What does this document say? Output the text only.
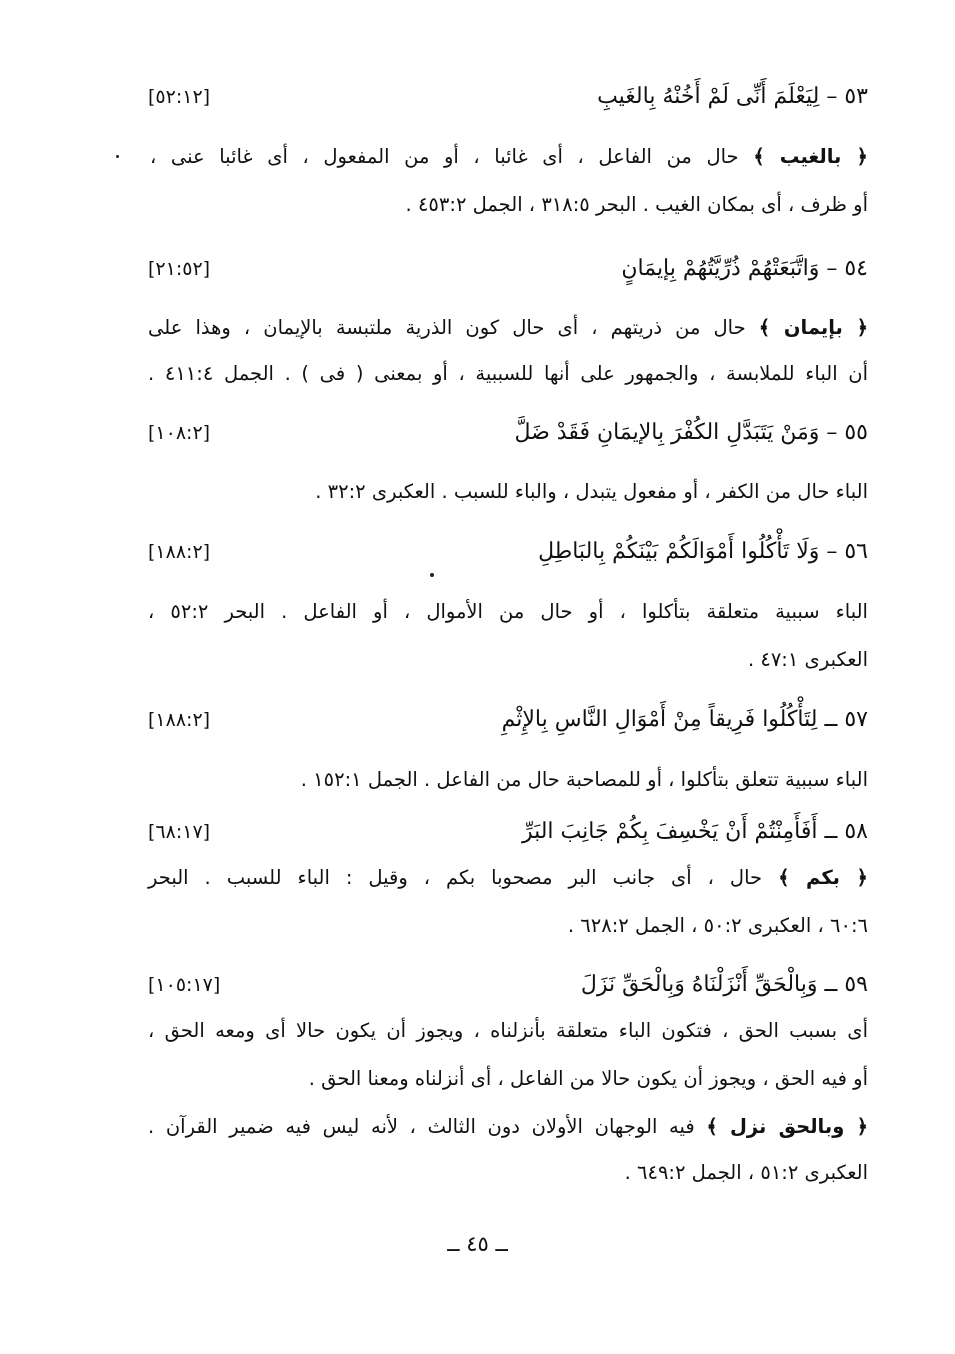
٥٣ – لِيَعْلَمَ أَنِّى لَمْ أَخُنْهُ بِالغَيبِ
[٥٢:١٢]
﴿ بالغيب ﴾ حال من الفاعل ، أى غائبا ، أو من المفعول ، أى غائبا عنى ،
أو ظرف ، أى بمكان الغيب . البحر ٣١٨:٥ ، الجمل ٤٥٣:٢ .
٥٤ – وَاتَّبَعَتْهُمْ ذُرِّيَّتُهُمْ بِإيمَانٍ
[٢١:٥٢]
﴿ بإيمان ﴾ حال من ذريتهم ، أى حال كون الذرية ملتبسة بالإيمان ، وهذا على
أن الباء للملابسة ، والجمهور على أنها للسببية ، أو بمعنى ( فى ) . الجمل ٤١١:٤ .
٥٥ – وَمَنْ يَتَبَدَّلِ الكُفْرَ بِالإيمَانِ فَقَدْ ضَلَّ
[١٠٨:٢]
الباء حال من الكفر ، أو مفعول يتبدل ، والباء للسبب . العكبرى ٣٢:٢ .
٥٦ – وَلَا تَأْكُلُوا أَمْوَالَكُمْ بَيْنَكُمْ بِالبَاطِلِ
[١٨٨:٢]
الباء سببية متعلقة بتأكلوا ، أو حال من الأموال ، أو الفاعل . البحر ٥٢:٢ ،
العكبرى ٤٧:١ .
٥٧ ــ لِتَأْكُلُوا فَرِيقاً مِنْ أَمْوَالِ النَّاسِ بِالإِثْمِ
[١٨٨:٢]
الباء سببية تتعلق بتأكلوا ، أو للمصاحبة حال من الفاعل . الجمل ١٥٢:١ .
٥٨ ــ أَفَأَمِنْتُمْ أَنْ يَخْسِفَ بِكُمْ جَانِبَ البَرِّ
[٦٨:١٧]
﴿ بكم ﴾ حال ، أى جانب البر مصحوبا بكم ، وقيل : الباء للسبب . البحر
٦٠:٦ ، العكبرى ٥٠:٢ ، الجمل ٦٢٨:٢ .
٥٩ ــ وَبِالْحَقِّ أَنْزَلْنَاهُ وَبِالْحَقِّ نَزَلَ
[١٠٥:١٧]
أى بسبب الحق ، فتكون الباء متعلقة بأنزلناه ، ويجوز أن يكون حالا أى ومعه الحق ،
أو فيه الحق ، ويجوز أن يكون حالا من الفاعل ، أى أنزلناه ومعنا الحق .
﴿ وبالحق نزل ﴾ فيه الوجهان الأولان دون الثالث ، لأنه ليس فيه ضمير القرآن .
العكبرى ٥١:٢ ، الجمل ٦٤٩:٢ .
ــ ٤٥ ــ
